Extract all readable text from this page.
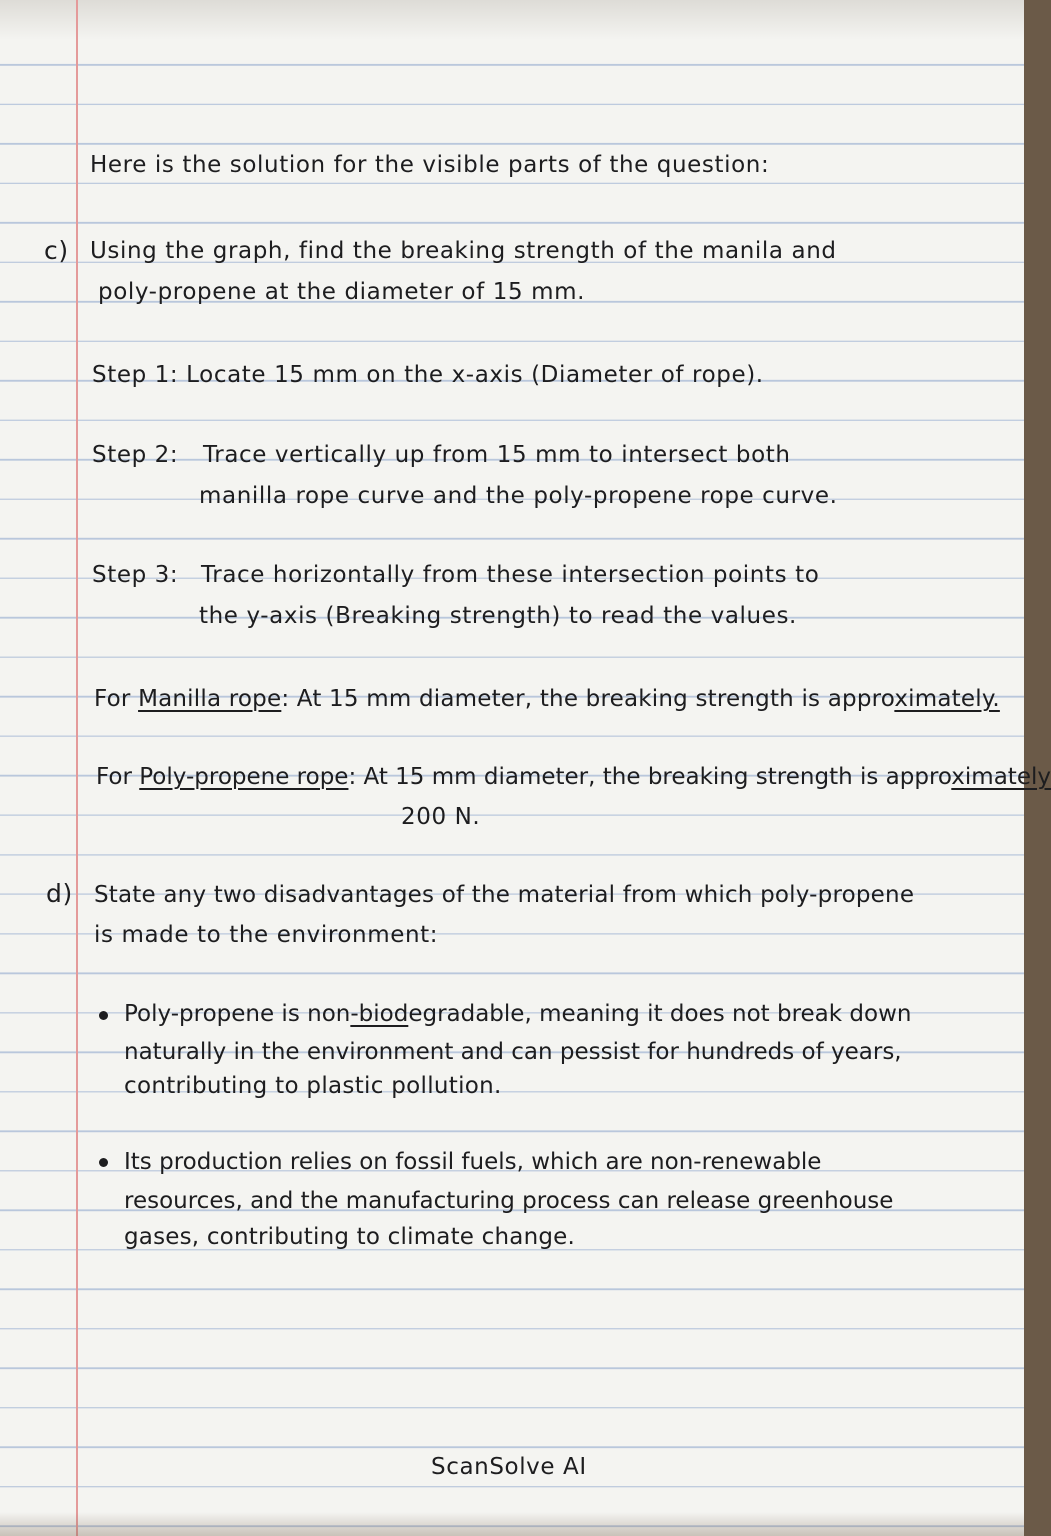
Here is the solution for the visible parts of the question:
c) Using the graph, find the breaking strength of the manila and
poly-propene at the diameter of 15 mm.
Step 1: Locate 15 mm on the x-axis (Diameter of rope).
Step 2: Trace vertically up from 15 mm to intersect both
manilla rope curve and the poly-propene rope curve.
Step 3: Trace horizontally from these intersection points to
the y-axis (Breaking strength) to read the values.
For Manilla rope: At 15 mm diameter, the breaking strength is approximately.
For Poly-propene rope: At 15 mm diameter, the breaking strength is approximately
200 N.
d) State any two disadvantages of the material from which poly-propene
is made to the environment:
Poly-propene is non-biodegradable, meaning it does not break down
naturally in the environment and can pessist for hundreds of years,
contributing to plastic pollution.
Its production relies on fossil fuels, which are non-renewable
resources, and the manufacturing process can release greenhouse
gases, contributing to climate change.
ScanSolve AI
